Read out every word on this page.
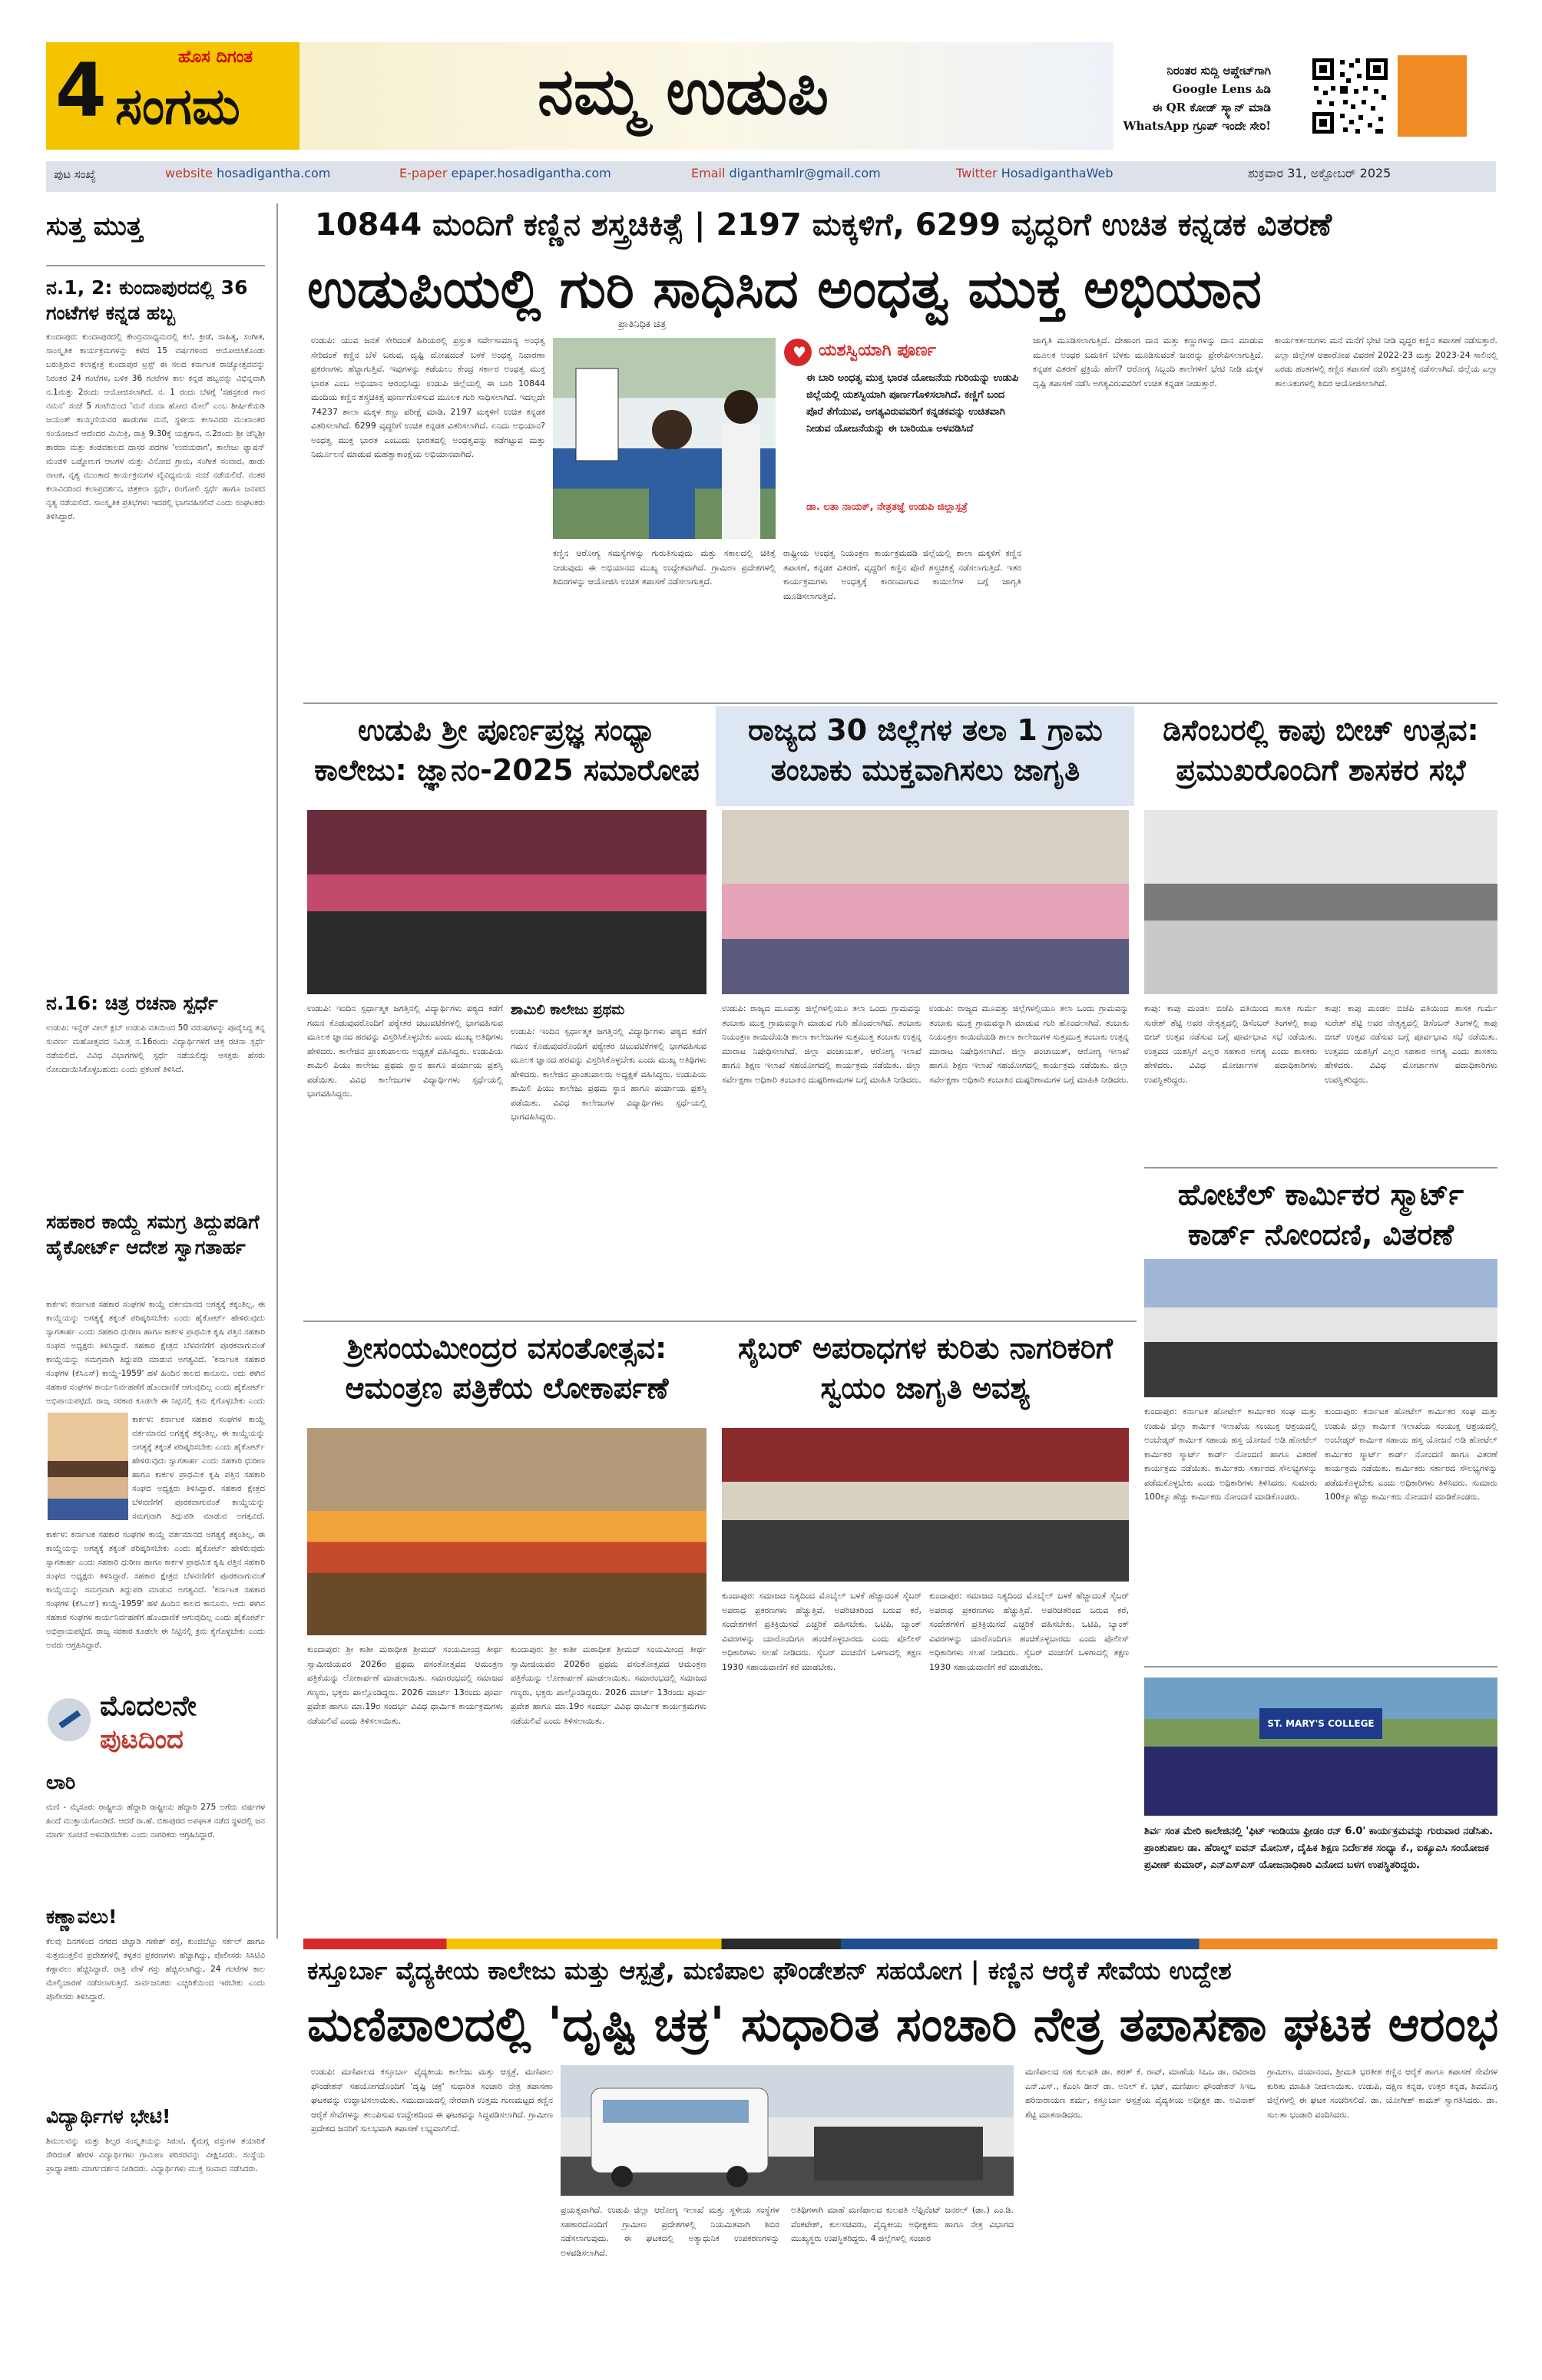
4	ಹೊಸ ದಿಗಂತ
ಸಂಗಮ	ನಮ್ಮ ಉಡುಪಿ	ನಿರಂತರ ಸುದ್ದಿ ಅಪ್ಡೇಟ್‌ಗಾಗಿ
Google Lens ಹಿಡಿ
ಈ QR ಕೋಡ್ ಸ್ಕ್ಯಾನ್ ಮಾಡಿ
WhatsApp ಗ್ರೂಪ್ ಇಂದೇ ಸೇರಿ!
ಪುಟ ಸಂಖ್ಯೆ	website hosadigantha.com	E-paper epaper.hosadigantha.com	Email diganthamlr@gmail.com	Twitter HosadiganthaWeb	ಶುಕ್ರವಾರ 31, ಅಕ್ಟೋಬರ್ 2025
ಸುತ್ತ ಮುತ್ತ
ನ.1, 2: ಕುಂದಾಪುರದಲ್ಲಿ 36 ಗಂಟೆಗಳ ಕನ್ನಡ ಹಬ್ಬ
ಕುಂದಾಪುರ: ಕುಂದಾಪುರದಲ್ಲಿ ಕೇಂದ್ರಮಾಧ್ಯಮದಲ್ಲಿ ಕಲೆ, ಕ್ರೀಡೆ, ಸಾಹಿತ್ಯ, ಸಂಗೀತ, ಸಾಂಸ್ಕೃತಿಕ ಕಾರ್ಯಕ್ರಮಗಳನ್ನು ಕಳೆದ 15 ವರ್ಷಗಳಿಂದ ಆಯೋಜಿಸಿಕೊಂಡು ಬರುತ್ತಿರುವ ಕಲಾಕ್ಷೇತ್ರ ಕುಂದಾಪುರ ಟ್ರಸ್ಟ್ ಈ ಸಲದ ಕರ್ನಾಟಕ ರಾಜ್ಯೋತ್ಸವವನ್ನು ನಿರಂತರ 24 ಗಂಟೆಗಳ, ಬಳಿಕ 36 ಗಂಟೆಗಳ ಕಾಲ ಕನ್ನಡ ಹಬ್ಬವನ್ನು ವಿಭಿನ್ನವಾಗಿ ನ.1ಮತ್ತು 2ರಂದು ಆಯೋಜಿಸಲಾಗಿದೆ. ನ. 1 ರಂದು ಬೆಳಗ್ಗೆ 'ಸಹಸ್ರಕಂಠ ಗಾನ ನಮನ' ಸಂಜೆ 5 ಗಂಟೆಯಿಂದ 'ಮನೆ ನಂದಾ ಹೋದ ಮೇಲೆ' ಎಂಬ ಶೀರ್ಷಿಕೆಯಡಿ ಜಯಂತ್ ಕಾಯ್ಕಿಣಿಯವರ ಹಾಡುಗಳ ಮನೆ, ಸ್ಥಳೀಯ ಕಲಾವಿದರ ಮುಖಾಂತರ ಸಂಯೋಜನೆ ಆದೆಂದರ ಮಿಮಿಕ್ರಿ, ರಾತ್ರಿ 9.30ಕ್ಕೆ ಯಕ್ಷಗಾನ, ನ.2ರಂದು ಶ್ರೀ ಚೆನ್ನಿಶ್ರೀ ಶಾರದಾ ಮತ್ತು ಕಂಡವಕಾಲದ ದಾಸರ ಪದಗಳ 'ಉದಯರಾಗ', ಕಾಲೇಜು ಫ್ಯಾಷನ್ ಮಂಡಳಿ ಒಡ್ಡೋಲಗ ಆಟಗಳ ಮತ್ತು ವಿನೋದ ಗ್ರಾಮ, ಸಂಗೀತ ಸಂವಾದ, ಹಾಡು ನಾಟಕ, ನೃತ್ಯ ಮುಂತಾದ ಕಾರ್ಯಕ್ರಮಗಳ ವೈವಿಧ್ಯಮಯ ಸಂಜೆ ನಡೆಯಲಿದೆ. ನಂತರ ಕಲಾವಿದರಿಂದ ಕಲಾಪ್ರದರ್ಶನ, ಚಿತ್ರಕಲಾ ಸ್ಪರ್ಧೆ, ರಂಗೋಲಿ ಸ್ಪರ್ಧೆ ಹಾಗೂ ಜನಪದ ನೃತ್ಯ ನಡೆಯಲಿದೆ. ಸಾಂಸ್ಕೃತಿಕ ಪ್ರತಿಭೆಗಳು ಇದರಲ್ಲಿ ಭಾಗವಹಿಸಲಿವೆ ಎಂದು ಸಂಘಟಕರು ತಿಳಿಸಿದ್ದಾರೆ.
ನ.16: ಚಿತ್ರ ರಚನಾ ಸ್ಪರ್ಧೆ
ಉಡುಪಿ: ಇನ್ನೆರ್ ವೀಲ್ ಕ್ಲಬ್ ಉಡುಪಿ ವತಿಯಿಂದ 50 ವರುಷಗಳನ್ನು ಪೂರೈಸಿದ್ದ ತನ್ನ ಸುವರ್ಣ ಮಹೋತ್ಸವದ ನಿಮಿತ್ತ ನ.16ರಂದು ವಿದ್ಯಾರ್ಥಿಗಳಿಗೆ ಚಿತ್ರ ರಚನಾ ಸ್ಪರ್ಧೆ ನಡೆಯಲಿದೆ. ವಿವಿಧ ವಿಭಾಗಗಳಲ್ಲಿ ಸ್ಪರ್ಧೆ ನಡೆಯಲಿದ್ದು ಆಸಕ್ತರು ಹೆಸರು ನೋಂದಾಯಿಸಿಕೊಳ್ಳಬಹುದು ಎಂದು ಪ್ರಕಟಣೆ ತಿಳಿಸಿದೆ.
ಸಹಕಾರ ಕಾಯ್ದೆ ಸಮಗ್ರ ತಿದ್ದುಪಡಿಗೆ ಹೈಕೋರ್ಟ್ ಆದೇಶ ಸ್ವಾಗತಾರ್ಹ
ಕಾರ್ಕಳ: ಕರ್ನಾಟಕ ಸಹಕಾರ ಸಂಘಗಳ ಕಾಯ್ದೆ ವರ್ತಮಾನದ ಅಗತ್ಯಕ್ಕೆ ತಕ್ಕಂತಿಲ್ಲ, ಈ ಕಾಯ್ದೆಯನ್ನು ಅಗತ್ಯಕ್ಕೆ ತಕ್ಕಂತೆ ಪರಿಷ್ಕರಿಸಬೇಕು ಎಂದು ಹೈಕೋರ್ಟ್ ಹೇಳಿರುವುದು ಸ್ವಾಗತಾರ್ಹ ಎಂದು ಸಹಕಾರಿ ಧುರೀಣ ಹಾಗೂ ಕಾರ್ಕಳ ಪ್ರಾಥಮಿಕ ಕೃಷಿ ಪತ್ತಿನ ಸಹಕಾರಿ ಸಂಘದ ಅಧ್ಯಕ್ಷರು ತಿಳಿಸಿದ್ದಾರೆ. ಸಹಕಾರ ಕ್ಷೇತ್ರದ ಬೆಳವಣಿಗೆಗೆ ಪೂರಕವಾಗುವಂತೆ ಕಾಯ್ದೆಯನ್ನು ಸಮಗ್ರವಾಗಿ ತಿದ್ದುಪಡಿ ಮಾಡುವ ಅಗತ್ಯವಿದೆ. 'ಕರ್ನಾಟಕ ಸಹಕಾರ ಸಂಘಗಳ (ಕೆಸಿಎಸ್) ಕಾಯ್ದೆ-1959' ಹಳೆ ಹಿಂದಿನ ಕಾಲದ ಕಾನೂನು. ಅದು ಈಗಿನ ಸಹಕಾರ ಸಂಘಗಳ ಕಾರ್ಯನಿರ್ವಹಣೆಗೆ ಹೊಂದಾಣಿಕೆ ಆಗುವುದಿಲ್ಲ ಎಂದು ಹೈಕೋರ್ಟ್ ಅಭಿಪ್ರಾಯಪಟ್ಟಿದೆ. ರಾಜ್ಯ ಸರಕಾರ ಕೂಡಲೇ ಈ ನಿಟ್ಟಿನಲ್ಲಿ ಕ್ರಮ ಕೈಗೊಳ್ಳಬೇಕು ಎಂದು
ಕಾರ್ಕಳ: ಕರ್ನಾಟಕ ಸಹಕಾರ ಸಂಘಗಳ ಕಾಯ್ದೆ ವರ್ತಮಾನದ ಅಗತ್ಯಕ್ಕೆ ತಕ್ಕಂತಿಲ್ಲ, ಈ ಕಾಯ್ದೆಯನ್ನು ಅಗತ್ಯಕ್ಕೆ ತಕ್ಕಂತೆ ಪರಿಷ್ಕರಿಸಬೇಕು ಎಂದು ಹೈಕೋರ್ಟ್ ಹೇಳಿರುವುದು ಸ್ವಾಗತಾರ್ಹ ಎಂದು ಸಹಕಾರಿ ಧುರೀಣ ಹಾಗೂ ಕಾರ್ಕಳ ಪ್ರಾಥಮಿಕ ಕೃಷಿ ಪತ್ತಿನ ಸಹಕಾರಿ ಸಂಘದ ಅಧ್ಯಕ್ಷರು ತಿಳಿಸಿದ್ದಾರೆ. ಸಹಕಾರ ಕ್ಷೇತ್ರದ ಬೆಳವಣಿಗೆಗೆ ಪೂರಕವಾಗುವಂತೆ ಕಾಯ್ದೆಯನ್ನು ಸಮಗ್ರವಾಗಿ ತಿದ್ದುಪಡಿ ಮಾಡುವ ಅಗತ್ಯವಿದೆ.
ಕಾರ್ಕಳ: ಕರ್ನಾಟಕ ಸಹಕಾರ ಸಂಘಗಳ ಕಾಯ್ದೆ ವರ್ತಮಾನದ ಅಗತ್ಯಕ್ಕೆ ತಕ್ಕಂತಿಲ್ಲ, ಈ ಕಾಯ್ದೆಯನ್ನು ಅಗತ್ಯಕ್ಕೆ ತಕ್ಕಂತೆ ಪರಿಷ್ಕರಿಸಬೇಕು ಎಂದು ಹೈಕೋರ್ಟ್ ಹೇಳಿರುವುದು ಸ್ವಾಗತಾರ್ಹ ಎಂದು ಸಹಕಾರಿ ಧುರೀಣ ಹಾಗೂ ಕಾರ್ಕಳ ಪ್ರಾಥಮಿಕ ಕೃಷಿ ಪತ್ತಿನ ಸಹಕಾರಿ ಸಂಘದ ಅಧ್ಯಕ್ಷರು ತಿಳಿಸಿದ್ದಾರೆ. ಸಹಕಾರ ಕ್ಷೇತ್ರದ ಬೆಳವಣಿಗೆಗೆ ಪೂರಕವಾಗುವಂತೆ ಕಾಯ್ದೆಯನ್ನು ಸಮಗ್ರವಾಗಿ ತಿದ್ದುಪಡಿ ಮಾಡುವ ಅಗತ್ಯವಿದೆ. 'ಕರ್ನಾಟಕ ಸಹಕಾರ ಸಂಘಗಳ (ಕೆಸಿಎಸ್) ಕಾಯ್ದೆ-1959' ಹಳೆ ಹಿಂದಿನ ಕಾಲದ ಕಾನೂನು. ಅದು ಈಗಿನ ಸಹಕಾರ ಸಂಘಗಳ ಕಾರ್ಯನಿರ್ವಹಣೆಗೆ ಹೊಂದಾಣಿಕೆ ಆಗುವುದಿಲ್ಲ ಎಂದು ಹೈಕೋರ್ಟ್ ಅಭಿಪ್ರಾಯಪಟ್ಟಿದೆ. ರಾಜ್ಯ ಸರಕಾರ ಕೂಡಲೇ ಈ ನಿಟ್ಟಿನಲ್ಲಿ ಕ್ರಮ ಕೈಗೊಳ್ಳಬೇಕು ಎಂದು ಅವರು ಆಗ್ರಹಿಸಿದ್ದಾರೆ.
ಮೊದಲನೇ
ಪುಟದಿಂದ
ಲಾರಿ
ಮಣಿ - ಮೈಸೂರು ರಾಷ್ಟ್ರೀಯ ಹೆದ್ದಾರಿ ರಾಷ್ಟ್ರೀಯ ಹೆದ್ದಾರಿ 275 ಅಗೆದು ವರ್ಷಗಳ ಹಿಂದೆ ಮುಕ್ತಾಯಗೊಂಡಿದೆ. ಆದರೆ ರಾ.ಹೆ. ಬಿಕಾಪುರದ ಅಪಘಾತ ನಡೆದ ಸ್ಥಳದಲ್ಲಿ ಜನ ಮಾರ್ಗ ಸೂಚನೆ ಅಳವಡಿಸಬೇಕು ಎಂದು ನಾಗರಿಕರು ಆಗ್ರಹಿಸಿದ್ದಾರೆ.
ಕಣ್ಣಾವಲು!
ಕೆಲವು ದಿನಗಳಿಂದ ನಗರದ ಚಿಟ್ಟಾಡಿ ಗಣೇಶ್ ರಸ್ತೆ, ಕುಂಜಿಬೆಟ್ಟು ಸರ್ಕಲ್ ಹಾಗೂ ಸುತ್ತಮುತ್ತಲಿನ ಪ್ರದೇಶಗಳಲ್ಲಿ ಕಳ್ಳತನ ಪ್ರಕರಣಗಳು ಹೆಚ್ಚಾಗಿದ್ದು, ಪೊಲೀಸರು ಸಿಸಿಟಿವಿ ಕಣ್ಗಾವಲು ಹೆಚ್ಚಿಸಿದ್ದಾರೆ. ರಾತ್ರಿ ವೇಳೆ ಗಸ್ತು ಹೆಚ್ಚಿಸಲಾಗಿದ್ದು, 24 ಗಂಟೆಗಳ ಕಾಲ ಮೇಲ್ವಿಚಾರಣೆ ನಡೆಸಲಾಗುತ್ತಿದೆ. ಸಾರ್ವಜನಿಕರು ಎಚ್ಚರಿಕೆಯಿಂದ ಇರಬೇಕು ಎಂದು ಪೊಲೀಸರು ತಿಳಿಸಿದ್ದಾರೆ.
ವಿದ್ಯಾರ್ಥಿಗಳ ಭೇಟಿ!
ಶಿಮುಲವನ್ನು ಮತ್ತು ಶಿಲ್ಪರ ಸಂಸ್ಕೃತಿಯನ್ನು ಸಿರುವ, ಕೈಮಗ್ಗ ವಸ್ತುಗಳ ತಯಾರಿಕೆ ಸೇರಿದಂತೆ ಹೇರಳ ವಿದ್ಯಾರ್ಥಿಗಳು ಗ್ರಾಮೀಣ ಪರಿಸರವನ್ನು ವೀಕ್ಷಿಸಿದರು. ಸಂಸ್ಥೆಯ ಪ್ರಾಧ್ಯಾಪಕರು ಮಾರ್ಗದರ್ಶನ ನೀಡಿದರು. ವಿದ್ಯಾರ್ಥಿಗಳು ಮುಕ್ತ ಸಂವಾದ ನಡೆಸಿದರು.
10844 ಮಂದಿಗೆ ಕಣ್ಣಿನ ಶಸ್ತ್ರಚಿಕಿತ್ಸೆ | 2197 ಮಕ್ಕಳಿಗೆ, 6299 ವೃದ್ಧರಿಗೆ ಉಚಿತ ಕನ್ನಡಕ ವಿತರಣೆ
ಉಡುಪಿಯಲ್ಲಿ ಗುರಿ ಸಾಧಿಸಿದ ಅಂಧತ್ವ ಮುಕ್ತ ಅಭಿಯಾನ
ಪ್ರಾತಿನಿಧಿಕ ಚಿತ್ರ
ಉಡುಪಿ: ಯುವ ಜನತೆ ಸೇರಿದಂತೆ ಹಿರಿಯರಲ್ಲಿ ಪ್ರಸ್ತುತ ಸರ್ವೇಸಾಮಾನ್ಯ ಅಂಧತ್ವ ಸೇರಿದಂತೆ ಕಣ್ಣಿನ ಬೆಳೆ ಬರುವ, ದೃಷ್ಟಿ ದೋಷದಂತೆ ಬಳಕೆ ಅಂಧತ್ವ ನಿವಾರಣಾ ಪ್ರಕರಣಗಳು ಹೆಚ್ಚಾಗುತ್ತಿವೆ. ಇವುಗಳನ್ನು ತಡೆಯಲು ಕೇಂದ್ರ ಸರ್ಕಾರ ಅಂಧತ್ವ ಮುಕ್ತ ಭಾರತ ಎಂಬ ಅಭಿಯಾನ ಆರಂಭಿಸಿದ್ದು ಉಡುಪಿ ಜಿಲ್ಲೆಯಲ್ಲಿ ಈ ಬಾರಿ 10844 ಮಂದಿಯ ಕಣ್ಣಿನ ಶಸ್ತ್ರಚಿಕಿತ್ಸೆ ಪೂರ್ಣಗೊಳಿಸುವ ಮೂಲಕ ಗುರಿ ಸಾಧಿಸಲಾಗಿದೆ. ಇದಲ್ಲದೇ 74237 ಶಾಲಾ ಮಕ್ಕಳ ಕಣ್ಣು ಪರೀಕ್ಷೆ ಮಾಡಿ, 2197 ಮಕ್ಕಳಿಗೆ ಉಚಿತ ಕನ್ನಡಕ ವಿತರಿಸಲಾಗಿದೆ. 6299 ವೃದ್ಧರಿಗೆ ಉಚಿತ ಕನ್ನಡಕ ವಿತರಿಸಲಾಗಿದೆ. ಏನಿದು ಅಭಿಯಾನ? ಅಂಧತ್ವ ಮುಕ್ತ ಭಾರತ ಎಂಬುದು ಭಾರತದಲ್ಲಿ ಅಂಧತ್ವವನ್ನು ತಡೆಗಟ್ಟುವ ಮತ್ತು ನಿರ್ಮೂಲನೆ ಮಾಡುವ ಮಹತ್ವಾಕಾಂಕ್ಷೆಯ ಅಭಿಯಾನವಾಗಿದೆ.
ಕಣ್ಣಿನ ಆರೋಗ್ಯ ಸಮಸ್ಯೆಗಳನ್ನು ಗುರುತಿಸುವುದು ಮತ್ತು ಸಕಾಲದಲ್ಲಿ ಚಿಕಿತ್ಸೆ ನೀಡುವುದು ಈ ಅಭಿಯಾನದ ಮುಖ್ಯ ಉದ್ದೇಶವಾಗಿದೆ. ಗ್ರಾಮೀಣ ಪ್ರದೇಶಗಳಲ್ಲಿ ಶಿಬಿರಗಳನ್ನು ಆಯೋಜಿಸಿ ಉಚಿತ ತಪಾಸಣೆ ನಡೆಸಲಾಗುತ್ತದೆ.
♥ ಯಶಸ್ವಿಯಾಗಿ ಪೂರ್ಣ
ಈ ಬಾರಿ ಅಂಧತ್ವ ಮುಕ್ತ ಭಾರತ ಯೋಜನೆಯ ಗುರಿಯನ್ನು ಉಡುಪಿ ಜಿಲ್ಲೆಯಲ್ಲಿ ಯಶಸ್ವಿಯಾಗಿ ಪೂರ್ಣಗೊಳಿಸಲಾಗಿದೆ. ಕಣ್ಣಿಗೆ ಬಂದ ಪೊರೆ ತೆಗೆಯುವ, ಅಗತ್ಯವಿರುವವರಿಗೆ ಕನ್ನಡಕವನ್ನು ಉಚಿತವಾಗಿ ನೀಡುವ ಯೋಜನೆಯನ್ನು ಈ ಬಾರಿಯೂ ಅಳವಡಿಸಿದೆ
ಡಾ. ಲತಾ ನಾಯಕ್, ನೇತ್ರತಜ್ಞೆ ಉಡುಪಿ ಜಿಲ್ಲಾಸ್ಪತ್ರೆ
ರಾಷ್ಟ್ರೀಯ ಅಂಧತ್ವ ನಿಯಂತ್ರಣ ಕಾರ್ಯಕ್ರಮದಡಿ ಜಿಲ್ಲೆಯಲ್ಲಿ ಶಾಲಾ ಮಕ್ಕಳಿಗೆ ಕಣ್ಣಿನ ತಪಾಸಣೆ, ಕನ್ನಡಕ ವಿತರಣೆ, ವೃದ್ಧರಿಗೆ ಕಣ್ಣಿನ ಪೊರೆ ಶಸ್ತ್ರಚಿಕಿತ್ಸೆ ನಡೆಸಲಾಗುತ್ತಿದೆ. ಇತರ ಕಾರ್ಯಕ್ರಮಗಳು ಅಂಧತ್ವಕ್ಕೆ ಕಾರಣವಾಗುವ ಕಾಯಿಲೆಗಳ ಬಗ್ಗೆ ಜಾಗೃತಿ ಮೂಡಿಸಲಾಗುತ್ತಿದೆ.
ಜಾಗೃತಿ ಮೂಡಿಸಲಾಗುತ್ತಿದೆ. ದೇಹಾಂಗ ದಾನ ಮತ್ತು ಕಣ್ಣುಗಳನ್ನು ದಾನ ಮಾಡುವ ಮೂಲಕ ಅಂಧರ ಬದುಕಿಗೆ ಬೆಳಕು ಮೂಡಿಸುವಂತೆ ಜನರನ್ನು ಪ್ರೇರೇಪಿಸಲಾಗುತ್ತಿದೆ. ಕನ್ನಡಕ ವಿತರಣೆ ಪ್ರಕ್ರಿಯೆ ಹೇಗೆ? ಆರೋಗ್ಯ ಸಿಬ್ಬಂದಿ ಶಾಲೆಗಳಿಗೆ ಭೇಟಿ ನೀಡಿ ಮಕ್ಕಳ ದೃಷ್ಟಿ ತಪಾಸಣೆ ನಡೆಸಿ ಅಗತ್ಯವಿರುವವರಿಗೆ ಉಚಿತ ಕನ್ನಡಕ ನೀಡುತ್ತಾರೆ.
ಕಾರ್ಯಕರ್ತರುಗಳು ಮನೆ ಮನೆಗೆ ಭೇಟಿ ನೀಡಿ ವೃದ್ಧರ ಕಣ್ಣಿನ ತಪಾಸಣೆ ನಡೆಸುತ್ತಾರೆ. ಎಲ್ಲಾ ಜಿಲ್ಲೆಗಳ ಆಹಾರೋಪ ವಿವರಣೆ 2022-23 ಮತ್ತು 2023-24 ಸಾಲಿನಲ್ಲಿ ಎರಡು ಹಂತಗಳಲ್ಲಿ ಕಣ್ಣಿನ ತಪಾಸಣೆ ನಡೆಸಿ ಶಸ್ತ್ರಚಿಕಿತ್ಸೆ ನಡೆಸಲಾಗಿದೆ. ಜಿಲ್ಲೆಯ ಎಲ್ಲಾ ತಾಲೂಕುಗಳಲ್ಲಿ ಶಿಬಿರ ಆಯೋಜಿಸಲಾಗಿದೆ.
ಉಡುಪಿ ಶ್ರೀ ಪೂರ್ಣಪ್ರಜ್ಞ ಸಂಧ್ಯಾ ಕಾಲೇಜು: ಜ್ಞಾನಂ-2025 ಸಮಾರೋಪ
ಉಡುಪಿ: ಇಂದಿನ ಸ್ಪರ್ಧಾತ್ಮಕ ಜಗತ್ತಿನಲ್ಲಿ ವಿದ್ಯಾರ್ಥಿಗಳು ಪಠ್ಯದ ಕಡೆಗೆ ಗಮನ ಕೊಡುವುದರೊಂದಿಗೆ ಪಠ್ಯೇತರ ಚಟುವಟಿಕೆಗಳಲ್ಲಿ ಭಾಗವಹಿಸುವ ಮೂಲಕ ಜ್ಞಾನದ ಹರವನ್ನು ವಿಸ್ತರಿಸಿಕೊಳ್ಳಬೇಕು ಎಂದು ಮುಖ್ಯ ಅತಿಥಿಗಳು ಹೇಳಿದರು. ಕಾಲೇಜಿನ ಪ್ರಾಂಶುಪಾಲರು ಅಧ್ಯಕ್ಷತೆ ವಹಿಸಿದ್ದರು. ಉಡುಪಿಯ ಶಾಮಿಲಿ ಪಿಯು ಕಾಲೇಜು ಪ್ರಥಮ ಸ್ಥಾನ ಹಾಗೂ ಪರ್ಯಾಯ ಪ್ರಶಸ್ತಿ ಪಡೆಯಿತು. ವಿವಿಧ ಕಾಲೇಜುಗಳ ವಿದ್ಯಾರ್ಥಿಗಳು ಸ್ಪರ್ಧೆಯಲ್ಲಿ ಭಾಗವಹಿಸಿದ್ದರು.
ಶಾಮಿಲಿ ಕಾಲೇಜು ಪ್ರಥಮ
ಉಡುಪಿ: ಇಂದಿನ ಸ್ಪರ್ಧಾತ್ಮಕ ಜಗತ್ತಿನಲ್ಲಿ ವಿದ್ಯಾರ್ಥಿಗಳು ಪಠ್ಯದ ಕಡೆಗೆ ಗಮನ ಕೊಡುವುದರೊಂದಿಗೆ ಪಠ್ಯೇತರ ಚಟುವಟಿಕೆಗಳಲ್ಲಿ ಭಾಗವಹಿಸುವ ಮೂಲಕ ಜ್ಞಾನದ ಹರವನ್ನು ವಿಸ್ತರಿಸಿಕೊಳ್ಳಬೇಕು ಎಂದು ಮುಖ್ಯ ಅತಿಥಿಗಳು ಹೇಳಿದರು. ಕಾಲೇಜಿನ ಪ್ರಾಂಶುಪಾಲರು ಅಧ್ಯಕ್ಷತೆ ವಹಿಸಿದ್ದರು. ಉಡುಪಿಯ ಶಾಮಿಲಿ ಪಿಯು ಕಾಲೇಜು ಪ್ರಥಮ ಸ್ಥಾನ ಹಾಗೂ ಪರ್ಯಾಯ ಪ್ರಶಸ್ತಿ ಪಡೆಯಿತು. ವಿವಿಧ ಕಾಲೇಜುಗಳ ವಿದ್ಯಾರ್ಥಿಗಳು ಸ್ಪರ್ಧೆಯಲ್ಲಿ ಭಾಗವಹಿಸಿದ್ದರು.
ರಾಜ್ಯದ 30 ಜಿಲ್ಲೆಗಳ ತಲಾ 1 ಗ್ರಾಮ ತಂಬಾಕು ಮುಕ್ತವಾಗಿಸಲು ಜಾಗೃತಿ
ಉಡುಪಿ: ರಾಜ್ಯದ ಮೂವತ್ತು ಜಿಲ್ಲೆಗಳಲ್ಲಿಯೂ ತಲಾ ಒಂದು ಗ್ರಾಮವನ್ನು ತಂಬಾಕು ಮುಕ್ತ ಗ್ರಾಮವನ್ನಾಗಿ ಮಾಡುವ ಗುರಿ ಹೊಂದಲಾಗಿದೆ. ತಂಬಾಕು ನಿಯಂತ್ರಣ ಕಾಯಿದೆಯಡಿ ಶಾಲಾ ಕಾಲೇಜುಗಳ ಸುತ್ತಮುತ್ತ ತಂಬಾಕು ಉತ್ಪನ್ನ ಮಾರಾಟ ನಿಷೇಧಿಸಲಾಗಿದೆ. ಜಿಲ್ಲಾ ಪಂಚಾಯತ್, ಆರೋಗ್ಯ ಇಲಾಖೆ ಹಾಗೂ ಶಿಕ್ಷಣ ಇಲಾಖೆ ಸಹಯೋಗದಲ್ಲಿ ಕಾರ್ಯಕ್ರಮ ನಡೆಯಿತು. ಜಿಲ್ಲಾ ಸರ್ವೇಕ್ಷಣಾ ಅಧಿಕಾರಿ ತಂಬಾಕಿನ ದುಷ್ಪರಿಣಾಮಗಳ ಬಗ್ಗೆ ಮಾಹಿತಿ ನೀಡಿದರು.
ಉಡುಪಿ: ರಾಜ್ಯದ ಮೂವತ್ತು ಜಿಲ್ಲೆಗಳಲ್ಲಿಯೂ ತಲಾ ಒಂದು ಗ್ರಾಮವನ್ನು ತಂಬಾಕು ಮುಕ್ತ ಗ್ರಾಮವನ್ನಾಗಿ ಮಾಡುವ ಗುರಿ ಹೊಂದಲಾಗಿದೆ. ತಂಬಾಕು ನಿಯಂತ್ರಣ ಕಾಯಿದೆಯಡಿ ಶಾಲಾ ಕಾಲೇಜುಗಳ ಸುತ್ತಮುತ್ತ ತಂಬಾಕು ಉತ್ಪನ್ನ ಮಾರಾಟ ನಿಷೇಧಿಸಲಾಗಿದೆ. ಜಿಲ್ಲಾ ಪಂಚಾಯತ್, ಆರೋಗ್ಯ ಇಲಾಖೆ ಹಾಗೂ ಶಿಕ್ಷಣ ಇಲಾಖೆ ಸಹಯೋಗದಲ್ಲಿ ಕಾರ್ಯಕ್ರಮ ನಡೆಯಿತು. ಜಿಲ್ಲಾ ಸರ್ವೇಕ್ಷಣಾ ಅಧಿಕಾರಿ ತಂಬಾಕಿನ ದುಷ್ಪರಿಣಾಮಗಳ ಬಗ್ಗೆ ಮಾಹಿತಿ ನೀಡಿದರು.
ಡಿಸೆಂಬರಲ್ಲಿ ಕಾಪು ಬೀಚ್ ಉತ್ಸವ: ಪ್ರಮುಖರೊಂದಿಗೆ ಶಾಸಕರ ಸಭೆ
ಕಾಪು: ಕಾಪು ಮಂಡಲ ಬಿಜೆಪಿ ವತಿಯಿಂದ ಶಾಸಕ ಗುರ್ಮೆ ಸುರೇಶ್ ಶೆಟ್ಟಿ ಅವರ ನೇತೃತ್ವದಲ್ಲಿ ಡಿಸೆಂಬರ್ ತಿಂಗಳಲ್ಲಿ ಕಾಪು ಬೀಚ್ ಉತ್ಸವ ನಡೆಸುವ ಬಗ್ಗೆ ಪೂರ್ವಭಾವಿ ಸಭೆ ನಡೆಯಿತು. ಉತ್ಸವದ ಯಶಸ್ಸಿಗೆ ಎಲ್ಲರ ಸಹಕಾರ ಅಗತ್ಯ ಎಂದು ಶಾಸಕರು ಹೇಳಿದರು. ವಿವಿಧ ಮೋರ್ಚಾಗಳ ಪದಾಧಿಕಾರಿಗಳು ಉಪಸ್ಥಿತರಿದ್ದರು.
ಕಾಪು: ಕಾಪು ಮಂಡಲ ಬಿಜೆಪಿ ವತಿಯಿಂದ ಶಾಸಕ ಗುರ್ಮೆ ಸುರೇಶ್ ಶೆಟ್ಟಿ ಅವರ ನೇತೃತ್ವದಲ್ಲಿ ಡಿಸೆಂಬರ್ ತಿಂಗಳಲ್ಲಿ ಕಾಪು ಬೀಚ್ ಉತ್ಸವ ನಡೆಸುವ ಬಗ್ಗೆ ಪೂರ್ವಭಾವಿ ಸಭೆ ನಡೆಯಿತು. ಉತ್ಸವದ ಯಶಸ್ಸಿಗೆ ಎಲ್ಲರ ಸಹಕಾರ ಅಗತ್ಯ ಎಂದು ಶಾಸಕರು ಹೇಳಿದರು. ವಿವಿಧ ಮೋರ್ಚಾಗಳ ಪದಾಧಿಕಾರಿಗಳು ಉಪಸ್ಥಿತರಿದ್ದರು.
ಹೋಟೆಲ್ ಕಾರ್ಮಿಕರ ಸ್ಮಾರ್ಟ್ ಕಾರ್ಡ್ ನೋಂದಣಿ, ವಿತರಣೆ
ಕುಂದಾಪುರ: ಕರ್ನಾಟಕ ಹೋಟೆಲ್ ಕಾರ್ಮಿಕರ ಸಂಘ ಮತ್ತು ಉಡುಪಿ ಜಿಲ್ಲಾ ಕಾರ್ಮಿಕ ಇಲಾಖೆಯ ಸಂಯುಕ್ತ ಆಶ್ರಯದಲ್ಲಿ ಅಂಬೇಡ್ಕರ್ ಕಾರ್ಮಿಕ ಸಹಾಯ ಹಸ್ತ ಯೋಜನೆ ಅಡಿ ಹೋಟೆಲ್ ಕಾರ್ಮಿಕರ ಸ್ಮಾರ್ಟ್ ಕಾರ್ಡ್ ನೋಂದಣಿ ಹಾಗೂ ವಿತರಣೆ ಕಾರ್ಯಕ್ರಮ ನಡೆಯಿತು. ಕಾರ್ಮಿಕರು ಸರ್ಕಾರದ ಸೌಲಭ್ಯಗಳನ್ನು ಪಡೆದುಕೊಳ್ಳಬೇಕು ಎಂದು ಅಧಿಕಾರಿಗಳು ತಿಳಿಸಿದರು. ಸುಮಾರು 100ಕ್ಕೂ ಹೆಚ್ಚು ಕಾರ್ಮಿಕರು ನೋಂದಣಿ ಮಾಡಿಕೊಂಡರು.
ಕುಂದಾಪುರ: ಕರ್ನಾಟಕ ಹೋಟೆಲ್ ಕಾರ್ಮಿಕರ ಸಂಘ ಮತ್ತು ಉಡುಪಿ ಜಿಲ್ಲಾ ಕಾರ್ಮಿಕ ಇಲಾಖೆಯ ಸಂಯುಕ್ತ ಆಶ್ರಯದಲ್ಲಿ ಅಂಬೇಡ್ಕರ್ ಕಾರ್ಮಿಕ ಸಹಾಯ ಹಸ್ತ ಯೋಜನೆ ಅಡಿ ಹೋಟೆಲ್ ಕಾರ್ಮಿಕರ ಸ್ಮಾರ್ಟ್ ಕಾರ್ಡ್ ನೋಂದಣಿ ಹಾಗೂ ವಿತರಣೆ ಕಾರ್ಯಕ್ರಮ ನಡೆಯಿತು. ಕಾರ್ಮಿಕರು ಸರ್ಕಾರದ ಸೌಲಭ್ಯಗಳನ್ನು ಪಡೆದುಕೊಳ್ಳಬೇಕು ಎಂದು ಅಧಿಕಾರಿಗಳು ತಿಳಿಸಿದರು. ಸುಮಾರು 100ಕ್ಕೂ ಹೆಚ್ಚು ಕಾರ್ಮಿಕರು ನೋಂದಣಿ ಮಾಡಿಕೊಂಡರು.
ಶ್ರೀಸಂಯಮೀಂದ್ರರ ವಸಂತೋತ್ಸವ: ಆಮಂತ್ರಣ ಪತ್ರಿಕೆಯ ಲೋಕಾರ್ಪಣೆ
ಕುಂದಾಪುರ: ಶ್ರೀ ಕಾಶೀ ಮಠಾಧೀಶ ಶ್ರೀಮದ್ ಸಂಯಮೀಂದ್ರ ತೀರ್ಥ ಸ್ವಾಮೀಜಿಯವರ 2026ರ ಪ್ರಥಮ ವಸಂತೋತ್ಸವದ ಆಮಂತ್ರಣ ಪತ್ರಿಕೆಯನ್ನು ಲೋಕಾರ್ಪಣೆ ಮಾಡಲಾಯಿತು. ಸಮಾರಂಭದಲ್ಲಿ ಸಮಾಜದ ಗಣ್ಯರು, ಭಕ್ತರು ಪಾಲ್ಗೊಂಡಿದ್ದರು. 2026 ಮಾರ್ಚ್ 13ರಂದು ಪೂರ್ವ ಪ್ರವೇಶ ಹಾಗೂ ಮಾ.19ರ ಸಂದರ್ಭ ವಿವಿಧ ಧಾರ್ಮಿಕ ಕಾರ್ಯಕ್ರಮಗಳು ನಡೆಯಲಿವೆ ಎಂದು ತಿಳಿಸಲಾಯಿತು.
ಕುಂದಾಪುರ: ಶ್ರೀ ಕಾಶೀ ಮಠಾಧೀಶ ಶ್ರೀಮದ್ ಸಂಯಮೀಂದ್ರ ತೀರ್ಥ ಸ್ವಾಮೀಜಿಯವರ 2026ರ ಪ್ರಥಮ ವಸಂತೋತ್ಸವದ ಆಮಂತ್ರಣ ಪತ್ರಿಕೆಯನ್ನು ಲೋಕಾರ್ಪಣೆ ಮಾಡಲಾಯಿತು. ಸಮಾರಂಭದಲ್ಲಿ ಸಮಾಜದ ಗಣ್ಯರು, ಭಕ್ತರು ಪಾಲ್ಗೊಂಡಿದ್ದರು. 2026 ಮಾರ್ಚ್ 13ರಂದು ಪೂರ್ವ ಪ್ರವೇಶ ಹಾಗೂ ಮಾ.19ರ ಸಂದರ್ಭ ವಿವಿಧ ಧಾರ್ಮಿಕ ಕಾರ್ಯಕ್ರಮಗಳು ನಡೆಯಲಿವೆ ಎಂದು ತಿಳಿಸಲಾಯಿತು.
ಸೈಬರ್ ಅಪರಾಧಗಳ ಕುರಿತು ನಾಗರಿಕರಿಗೆ ಸ್ವಯಂ ಜಾಗೃತಿ ಅವಶ್ಯ
ಕುಂದಾಪುರ: ಸಮಾಜದ ನಿತ್ಯದಿಂದ ಮೊಬೈಲ್ ಬಳಕೆ ಹೆಚ್ಚಾದಂತೆ ಸೈಬರ್ ಅಪರಾಧ ಪ್ರಕರಣಗಳು ಹೆಚ್ಚುತ್ತಿವೆ. ಅಪರಿಚಿತರಿಂದ ಬರುವ ಕರೆ, ಸಂದೇಶಗಳಿಗೆ ಪ್ರತಿಕ್ರಿಯಿಸದೆ ಎಚ್ಚರಿಕೆ ವಹಿಸಬೇಕು. ಒಟಿಪಿ, ಬ್ಯಾಂಕ್ ವಿವರಗಳನ್ನು ಯಾರೊಂದಿಗೂ ಹಂಚಿಕೊಳ್ಳಬಾರದು ಎಂದು ಪೊಲೀಸ್ ಅಧಿಕಾರಿಗಳು ಸಲಹೆ ನೀಡಿದರು. ಸೈಬರ್ ವಂಚನೆಗೆ ಒಳಗಾದಲ್ಲಿ ತಕ್ಷಣ 1930 ಸಹಾಯವಾಣಿಗೆ ಕರೆ ಮಾಡಬೇಕು.
ಕುಂದಾಪುರ: ಸಮಾಜದ ನಿತ್ಯದಿಂದ ಮೊಬೈಲ್ ಬಳಕೆ ಹೆಚ್ಚಾದಂತೆ ಸೈಬರ್ ಅಪರಾಧ ಪ್ರಕರಣಗಳು ಹೆಚ್ಚುತ್ತಿವೆ. ಅಪರಿಚಿತರಿಂದ ಬರುವ ಕರೆ, ಸಂದೇಶಗಳಿಗೆ ಪ್ರತಿಕ್ರಿಯಿಸದೆ ಎಚ್ಚರಿಕೆ ವಹಿಸಬೇಕು. ಒಟಿಪಿ, ಬ್ಯಾಂಕ್ ವಿವರಗಳನ್ನು ಯಾರೊಂದಿಗೂ ಹಂಚಿಕೊಳ್ಳಬಾರದು ಎಂದು ಪೊಲೀಸ್ ಅಧಿಕಾರಿಗಳು ಸಲಹೆ ನೀಡಿದರು. ಸೈಬರ್ ವಂಚನೆಗೆ ಒಳಗಾದಲ್ಲಿ ತಕ್ಷಣ 1930 ಸಹಾಯವಾಣಿಗೆ ಕರೆ ಮಾಡಬೇಕು.
ST. MARY'S COLLEGE
ಶಿರ್ವ ಸಂತ ಮೇರಿ ಕಾಲೇಜಿನಲ್ಲಿ 'ಫಿಟ್ ಇಂಡಿಯಾ ಫ್ರೀಡಂ ರನ್ 6.0' ಕಾರ್ಯಕ್ರಮವನ್ನು ಗುರುವಾರ ನಡೆಸಿತು. ಪ್ರಾಂಶುಪಾಲ ಡಾ. ಹೆರಾಲ್ಡ್ ಐವನ್ ಮೋನಿಸ್, ದೈಹಿಕ ಶಿಕ್ಷಣ ನಿರ್ದೇಶಕ ಸಂಧ್ಯಾ ಕೆ., ಐಕ್ಯೂಎಸಿ ಸಂಯೋಜಕ ಪ್ರವೀಣ್ ಕುಮಾರ್, ಎನ್ಎಸ್ಎಸ್ ಯೋಜನಾಧಿಕಾರಿ ವಿನೋದ ಬಳಗ ಉಪಸ್ಥಿತರಿದ್ದರು.
ಕಸ್ತೂರ್ಬಾ ವೈದ್ಯಕೀಯ ಕಾಲೇಜು ಮತ್ತು ಆಸ್ಪತ್ರೆ, ಮಣಿಪಾಲ ಫೌಂಡೇಶನ್ ಸಹಯೋಗ | ಕಣ್ಣಿನ ಆರೈಕೆ ಸೇವೆಯ ಉದ್ದೇಶ
ಮಣಿಪಾಲದಲ್ಲಿ 'ದೃಷ್ಟಿ ಚಕ್ರ' ಸುಧಾರಿತ ಸಂಚಾರಿ ನೇತ್ರ ತಪಾಸಣಾ ಘಟಕ ಆರಂಭ
ಉಡುಪಿ: ಮಣಿಪಾಲದ ಕಸ್ತೂರ್ಬಾ ವೈದ್ಯಕೀಯ ಕಾಲೇಜು ಮತ್ತು ಆಸ್ಪತ್ರೆ, ಮಣಿಪಾಲ ಫೌಂಡೇಶನ್ ಸಹಯೋಗದೊಂದಿಗೆ 'ದೃಷ್ಟಿ ಚಕ್ರ' ಸುಧಾರಿತ ಸಂಚಾರಿ ನೇತ್ರ ತಪಾಸಣಾ ಘಟಕವನ್ನು ಉದ್ಘಾಟಿಸಲಾಯಿತು. ಸಮುದಾಯದಲ್ಲಿ ನೇರವಾಗಿ ಉತ್ತಮ ಗುಣಮಟ್ಟದ ಕಣ್ಣಿನ ಆರೈಕೆ ಸೇವೆಗಳನ್ನು ತಲುಪಿಸುವ ಉದ್ದೇಶದಿಂದ ಈ ಘಟಕವನ್ನು ಸಿದ್ಧಪಡಿಸಲಾಗಿದೆ. ಗ್ರಾಮೀಣ ಪ್ರದೇಶದ ಜನರಿಗೆ ಸುಲಭವಾಗಿ ತಪಾಸಣೆ ಲಭ್ಯವಾಗಲಿದೆ.
ಪ್ರಯತ್ನವಾಗಿದೆ. ಉಡುಪಿ ಜಿಲ್ಲಾ ಆರೋಗ್ಯ ಇಲಾಖೆ ಮತ್ತು ಸ್ಥಳೀಯ ಸಂಸ್ಥೆಗಳ ಸಹಕಾರದೊಂದಿಗೆ ಗ್ರಾಮೀಣ ಪ್ರದೇಶಗಳಲ್ಲಿ ನಿಯಮಿತವಾಗಿ ಶಿಬಿರ ನಡೆಸಲಾಗುವುದು. ಈ ಘಟಕದಲ್ಲಿ ಅತ್ಯಾಧುನಿಕ ಉಪಕರಣಗಳನ್ನು ಅಳವಡಿಸಲಾಗಿದೆ.
ಅತಿಥಿಗಳಾಗಿ ಮಾಹೆ ಮಣಿಪಾಲದ ಕುಲಪತಿ ಲೆಫ್ಟಿನೆಂಟ್ ಜನರಲ್ (ಡಾ.) ಎಂ.ಡಿ. ವೆಂಕಟೇಶ್, ಕುಲಸಚಿವರು, ವೈದ್ಯಕೀಯ ಅಧೀಕ್ಷಕರು ಹಾಗೂ ನೇತ್ರ ವಿಭಾಗದ ಮುಖ್ಯಸ್ಥರು ಉಪಸ್ಥಿತರಿದ್ದರು. 4 ಜಿಲ್ಲೆಗಳಲ್ಲಿ ಸಂಚಾರ
ಮಣಿಪಾಲದ ಸಹ ಕುಲಪತಿ ಡಾ. ಶರತ್ ಕೆ. ರಾವ್, ಮಾಹೆಯ ಸಿಒಒ ಡಾ. ರವಿರಾಜ ಎನ್.ಎಸ್., ಕೆಎಂಸಿ ಡೀನ್ ಡಾ. ಅನಿಲ್ ಕೆ. ಭಟ್, ಮಣಿಪಾಲ ಫೌಂಡೇಶನ್ ಸಿಇಒ ಹರಿನಾರಾಯಣ ಶರ್ಮ, ಕಸ್ತೂರ್ಬಾ ಆಸ್ಪತ್ರೆಯ ವೈದ್ಯಕೀಯ ಅಧೀಕ್ಷಕ ಡಾ. ಅವಿನಾಶ್ ಶೆಟ್ಟಿ ಮಾತನಾಡಿದರು.
ಗ್ರಾಮೀಣ, ದಯಾನಂದ, ಶ್ರೀಮತಿ ಭರತೀಶ ಕಣ್ಣಿನ ಆರೈಕೆ ಹಾಗೂ ತಪಾಸಣೆ ಸೇವೆಗಳ ಕುರಿತು ಮಾಹಿತಿ ನೀಡಲಾಯಿತು. ಉಡುಪಿ, ದಕ್ಷಿಣ ಕನ್ನಡ, ಉತ್ತರ ಕನ್ನಡ, ಶಿವಮೊಗ್ಗ ಜಿಲ್ಲೆಗಳಲ್ಲಿ ಈ ಘಟಕ ಸಂಚರಿಸಲಿದೆ. ಡಾ. ಯೋಗೀಶ್ ಕಾಮತ್ ಸ್ವಾಗತಿಸಿದರು. ಡಾ. ಸುಲತಾ ಭಂಡಾರಿ ವಂದಿಸಿದರು.
